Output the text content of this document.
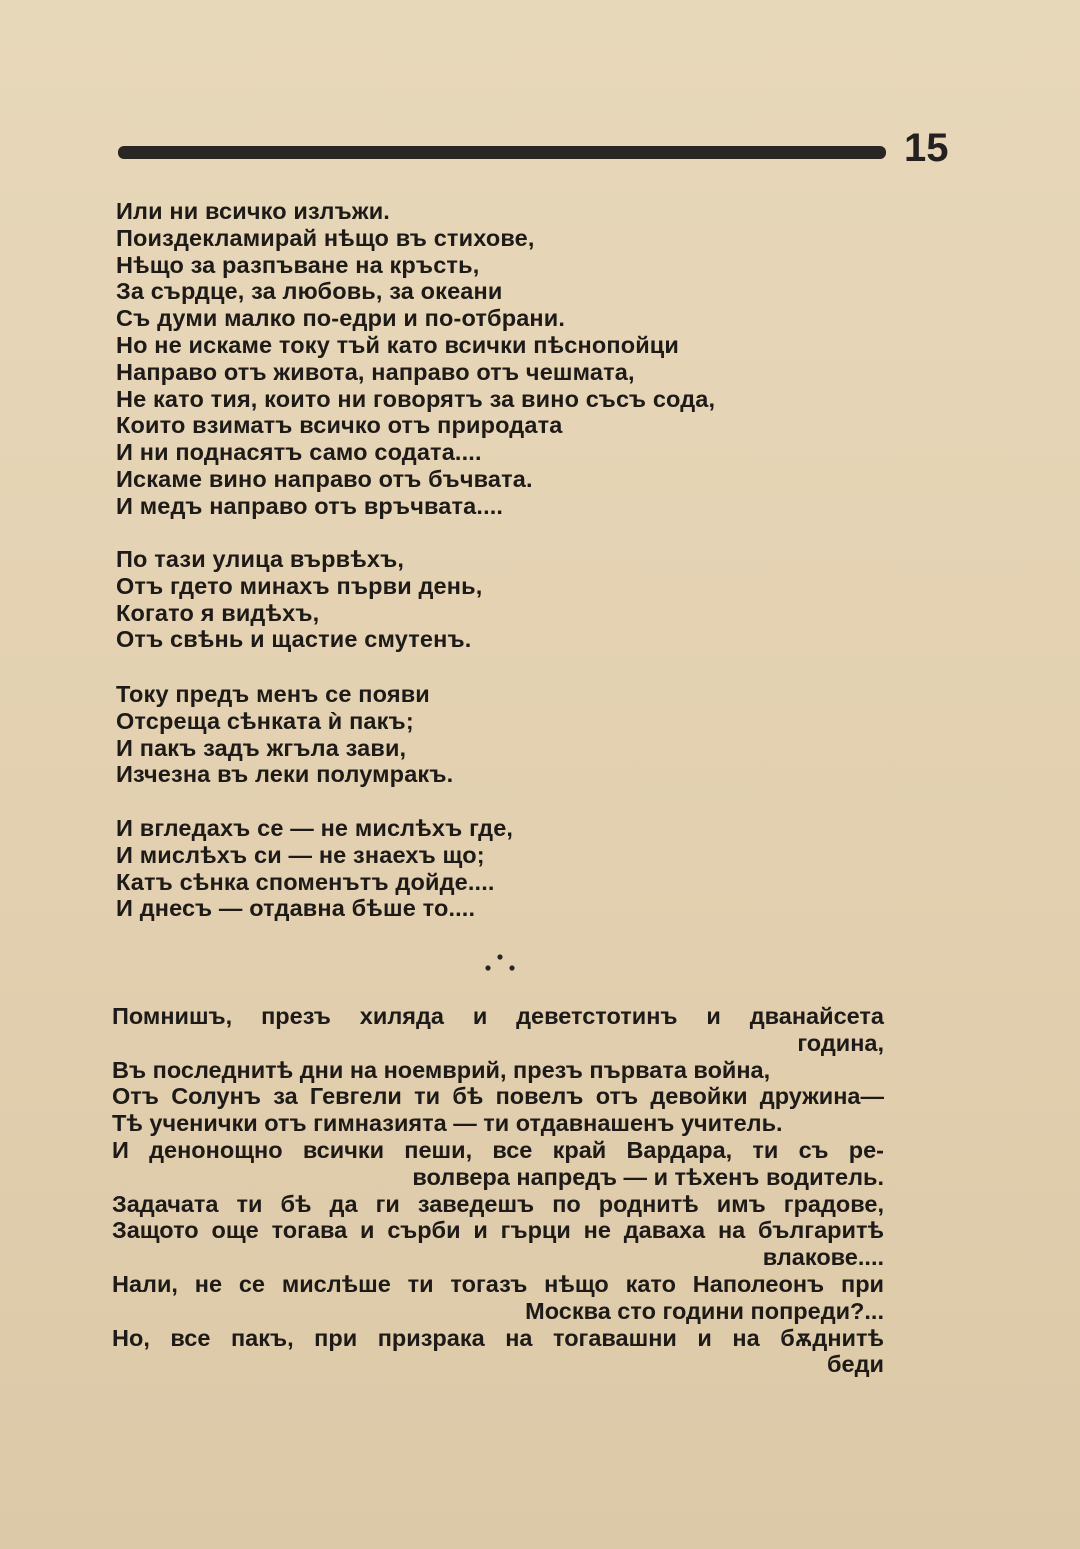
15
Или ни всичко излъжи.
Поиздекламирай нѣщо въ стихове,
Нѣщо за разпъване на кръсть,
За сърдце, за любовь, за океани
Съ думи малко по-едри и по-отбрани.
Но не искаме току тъй като всички пѣснопойци
Направо отъ живота, направо отъ чешмата,
Не като тия, които ни говорятъ за вино съсъ сода,
Които взиматъ всичко отъ природата
И ни поднасятъ само содата....
Искаме вино направо отъ бъчвата.
И медъ направо отъ връчвата....
По тази улица вървѣхъ,
Отъ гдето минахъ първи день,
Когато я видѣхъ,
Отъ свѣнь и щастие смутенъ.
Току предъ менъ се появи
Отсреща сѣнката ѝ пакъ;
И пакъ задъ жгъла зави,
Изчезна въ леки полумракъ.
И вгледахъ се — не мислѣхъ где,
И мислѣхъ си — не знаехъ що;
Катъ сѣнка споменътъ дойде....
И днесъ — отдавна бѣше то....
Помнишъ, презъ хиляда и деветстотинъ и дванайсета
година,
Въ последнитѣ дни на ноемврий, презъ първата война,
Отъ Солунъ за Гевгели ти бѣ повелъ отъ девойки дружина—
Тѣ ученички отъ гимназията — ти отдавнашенъ учитель.
И денонощно всички пеши, все край Вардара, ти съ ре-
волвера напредъ — и тѣхенъ водитель.
Задачата ти бѣ да ги заведешъ по роднитѣ имъ градове,
Защото още тогава и сърби и гърци не даваха на българитѣ
влакове....
Нали, не се мислѣше ти тогазъ нѣщо като Наполеонъ при
Москва сто години попреди?...
Но, все пакъ, при призрака на тогавашни и на бѫднитѣ
беди
